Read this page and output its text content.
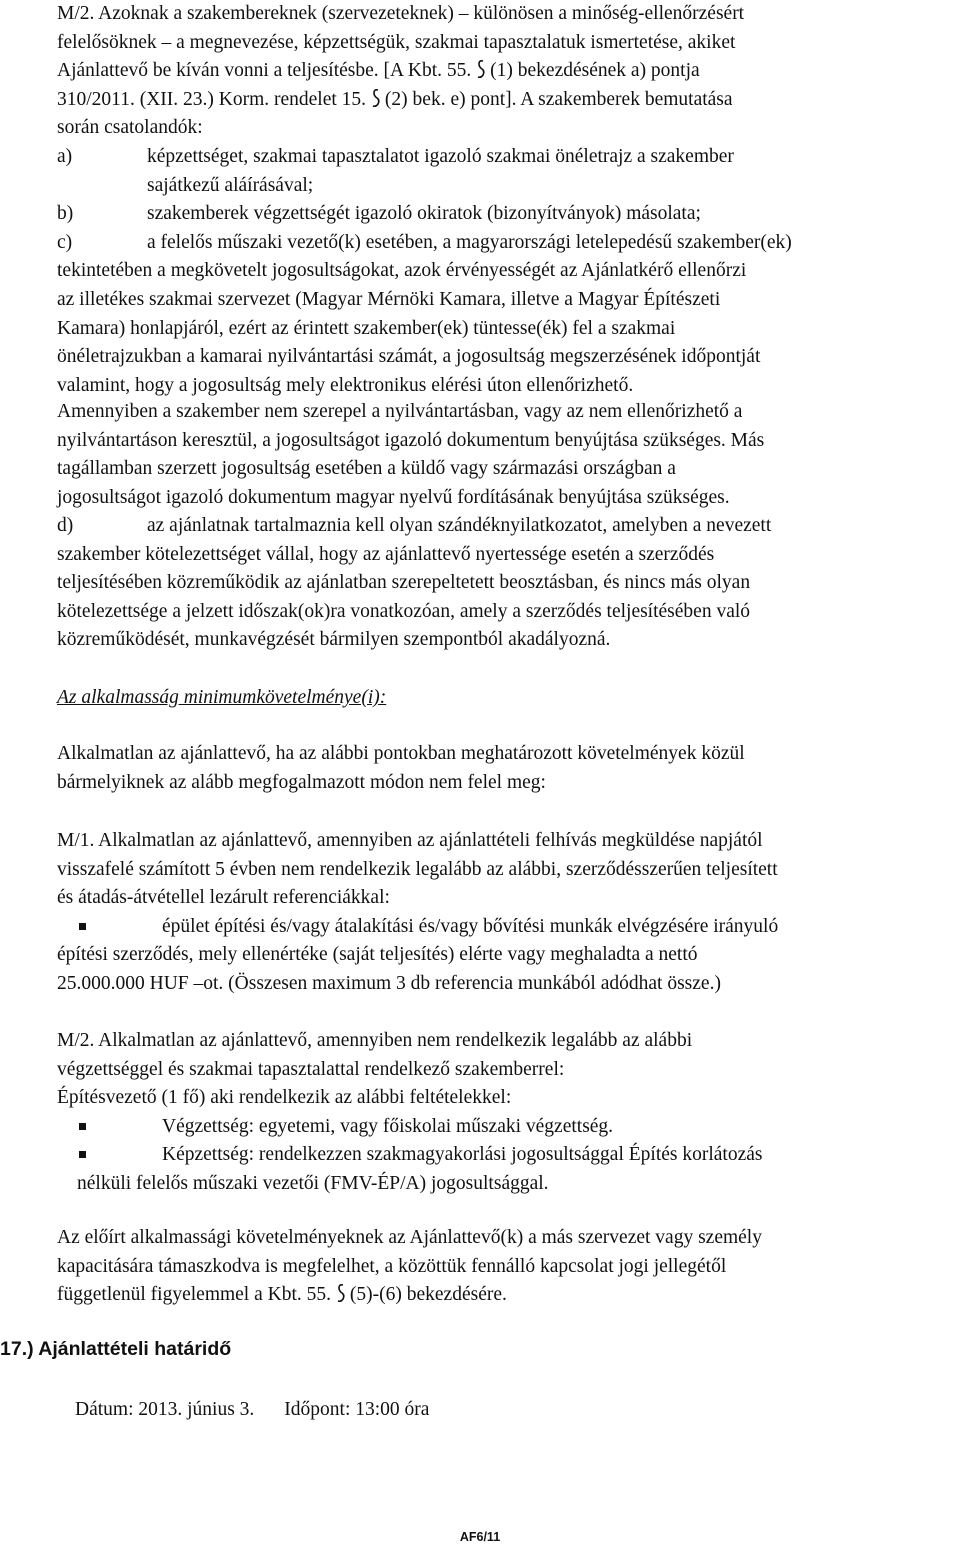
M/2. Azoknak a szakembereknek (szervezeteknek) – különösen a minőség-ellenőrzésért

felelősöknek – a megnevezése, képzettségük, szakmai tapasztalatuk ismertetése, akiket

Ajánlattevő be kíván vonni a teljesítésbe. [A Kbt. 55. (1) bekezdésének a) pontja

310/2011. (XII. 23.) Korm. rendelet 15. (2) bek. e) pont]. A szakemberek bemutatása

során csatolandók:

a)	képzettséget, szakmai tapasztalatot igazoló szakmai önéletrajz a szakember

sajátkezű aláírásával;

b)	szakemberek végzettségét igazoló okiratok (bizonyítványok) másolata;

c)	a felelős műszaki vezető(k) esetében, a magyarországi letelepedésű szakember(ek)

tekintetében a megkövetelt jogosultságokat, azok érvényességét az Ajánlatkérő ellenőrzi

az illetékes szakmai szervezet (Magyar Mérnöki Kamara, illetve a Magyar Építészeti

Kamara) honlapjáról, ezért az érintett szakember(ek) tüntesse(ék) fel a szakmai

önéletrajzukban a kamarai nyilvántartási számát, a jogosultság megszerzésének időpontját

valamint, hogy a jogosultság mely elektronikus elérési úton ellenőrizhető.

Amennyiben a szakember nem szerepel a nyilvántartásban, vagy az nem ellenőrizhető a

nyilvántartáson keresztül, a jogosultságot igazoló dokumentum benyújtása szükséges. Más

tagállamban szerzett jogosultság esetében a küldő vagy származási országban a

jogosultságot igazoló dokumentum magyar nyelvű fordításának benyújtása szükséges.

d)	az ajánlatnak tartalmaznia kell olyan szándéknyilatkozatot, amelyben a nevezett

szakember kötelezettséget vállal, hogy az ajánlattevő nyertessége esetén a szerződés

teljesítésében közreműködik az ajánlatban szerepeltetett beosztásban, és nincs más olyan

kötelezettsége a jelzett időszak(ok)ra vonatkozóan, amely a szerződés teljesítésében való

közreműködését, munkavégzését bármilyen szempontból akadályozná.

Az alkalmasság minimumkövetelménye(i):

Alkalmatlan az ajánlattevő, ha az alábbi pontokban meghatározott követelmények közül

bármelyiknek az alább megfogalmazott módon nem felel meg:

M/1. Alkalmatlan az ajánlattevő, amennyiben az ajánlattételi felhívás megküldése napjától

visszafelé számított 5 évben nem rendelkezik legalább az alábbi, szerződésszerűen teljesített

és átadás-átvétellel lezárult referenciákkal:

épület építési és/vagy átalakítási és/vagy bővítési munkák elvégzésére irányuló

építési szerződés, mely ellenértéke (saját teljesítés) elérte vagy meghaladta a nettó

25.000.000 HUF –ot. (Összesen maximum 3 db referencia munkából adódhat össze.)

M/2. Alkalmatlan az ajánlattevő, amennyiben nem rendelkezik legalább az alábbi

végzettséggel és szakmai tapasztalattal rendelkező szakemberrel:

Építésvezető (1 fő) aki rendelkezik az alábbi feltételekkel:

Végzettség: egyetemi, vagy főiskolai műszaki végzettség.

Képzettség: rendelkezzen szakmagyakorlási jogosultsággal Építés korlátozás

nélküli felelős műszaki vezetői (FMV-ÉP/A) jogosultsággal.

Az előírt alkalmassági követelményeknek az Ajánlattevő(k) a más szervezet vagy személy

kapacitására támaszkodva is megfelelhet, a közöttük fennálló kapcsolat jogi jellegétől

függetlenül figyelemmel a Kbt. 55. (5)-(6) bekezdésére.

17.) Ajánlattételi határidő
Dátum: 2013. június 3. Időpont: 13:00 óra
AF6/11
